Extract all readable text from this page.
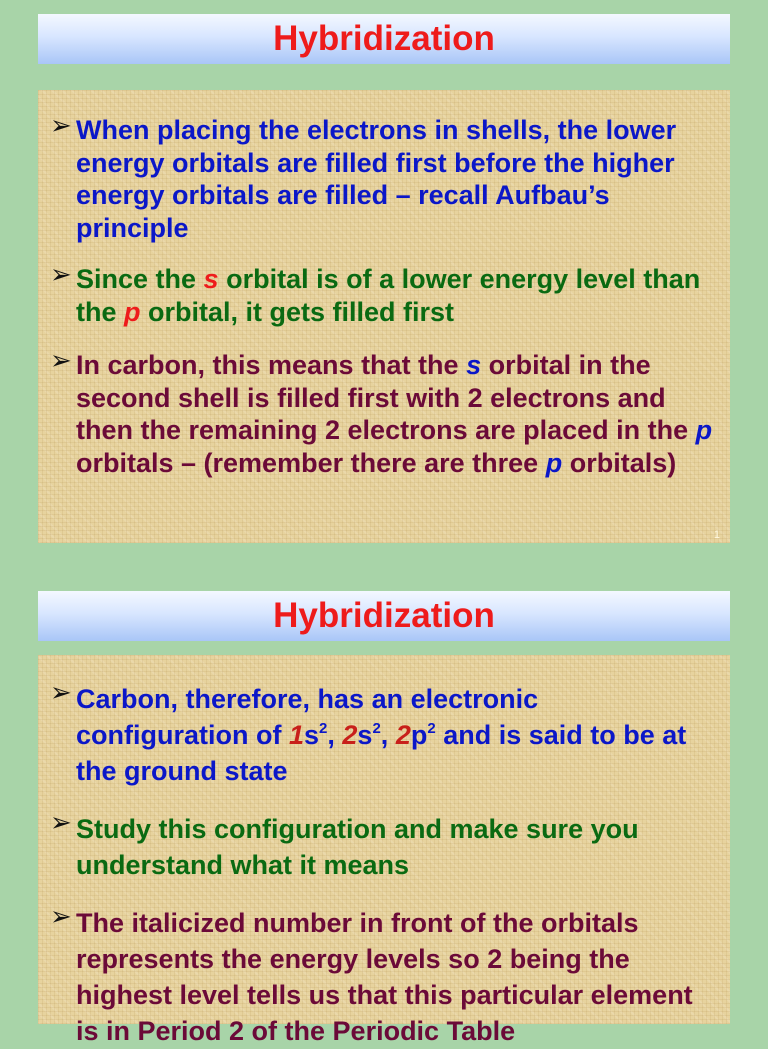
Hybridization
➢ When placing the electrons in shells, the lower energy orbitals are filled first before the higher energy orbitals are filled – recall Aufbau’s principle
➢ Since the s orbital is of a lower energy level than the p orbital, it gets filled first
➢ In carbon, this means that the s orbital in the second shell is filled first with 2 electrons and then the remaining 2 electrons are placed in the p orbitals – (remember there are three p orbitals)
1
Hybridization
➢ Carbon, therefore, has an electronic configuration of $1s^2$, $2s^2$, $2p^2$ and is said to be at the ground state
➢ Study this configuration and make sure you understand what it means
➢ The italicized number in front of the orbitals represents the energy levels so 2 being the highest level tells us that this particular element is in Period 2 of the Periodic Table
